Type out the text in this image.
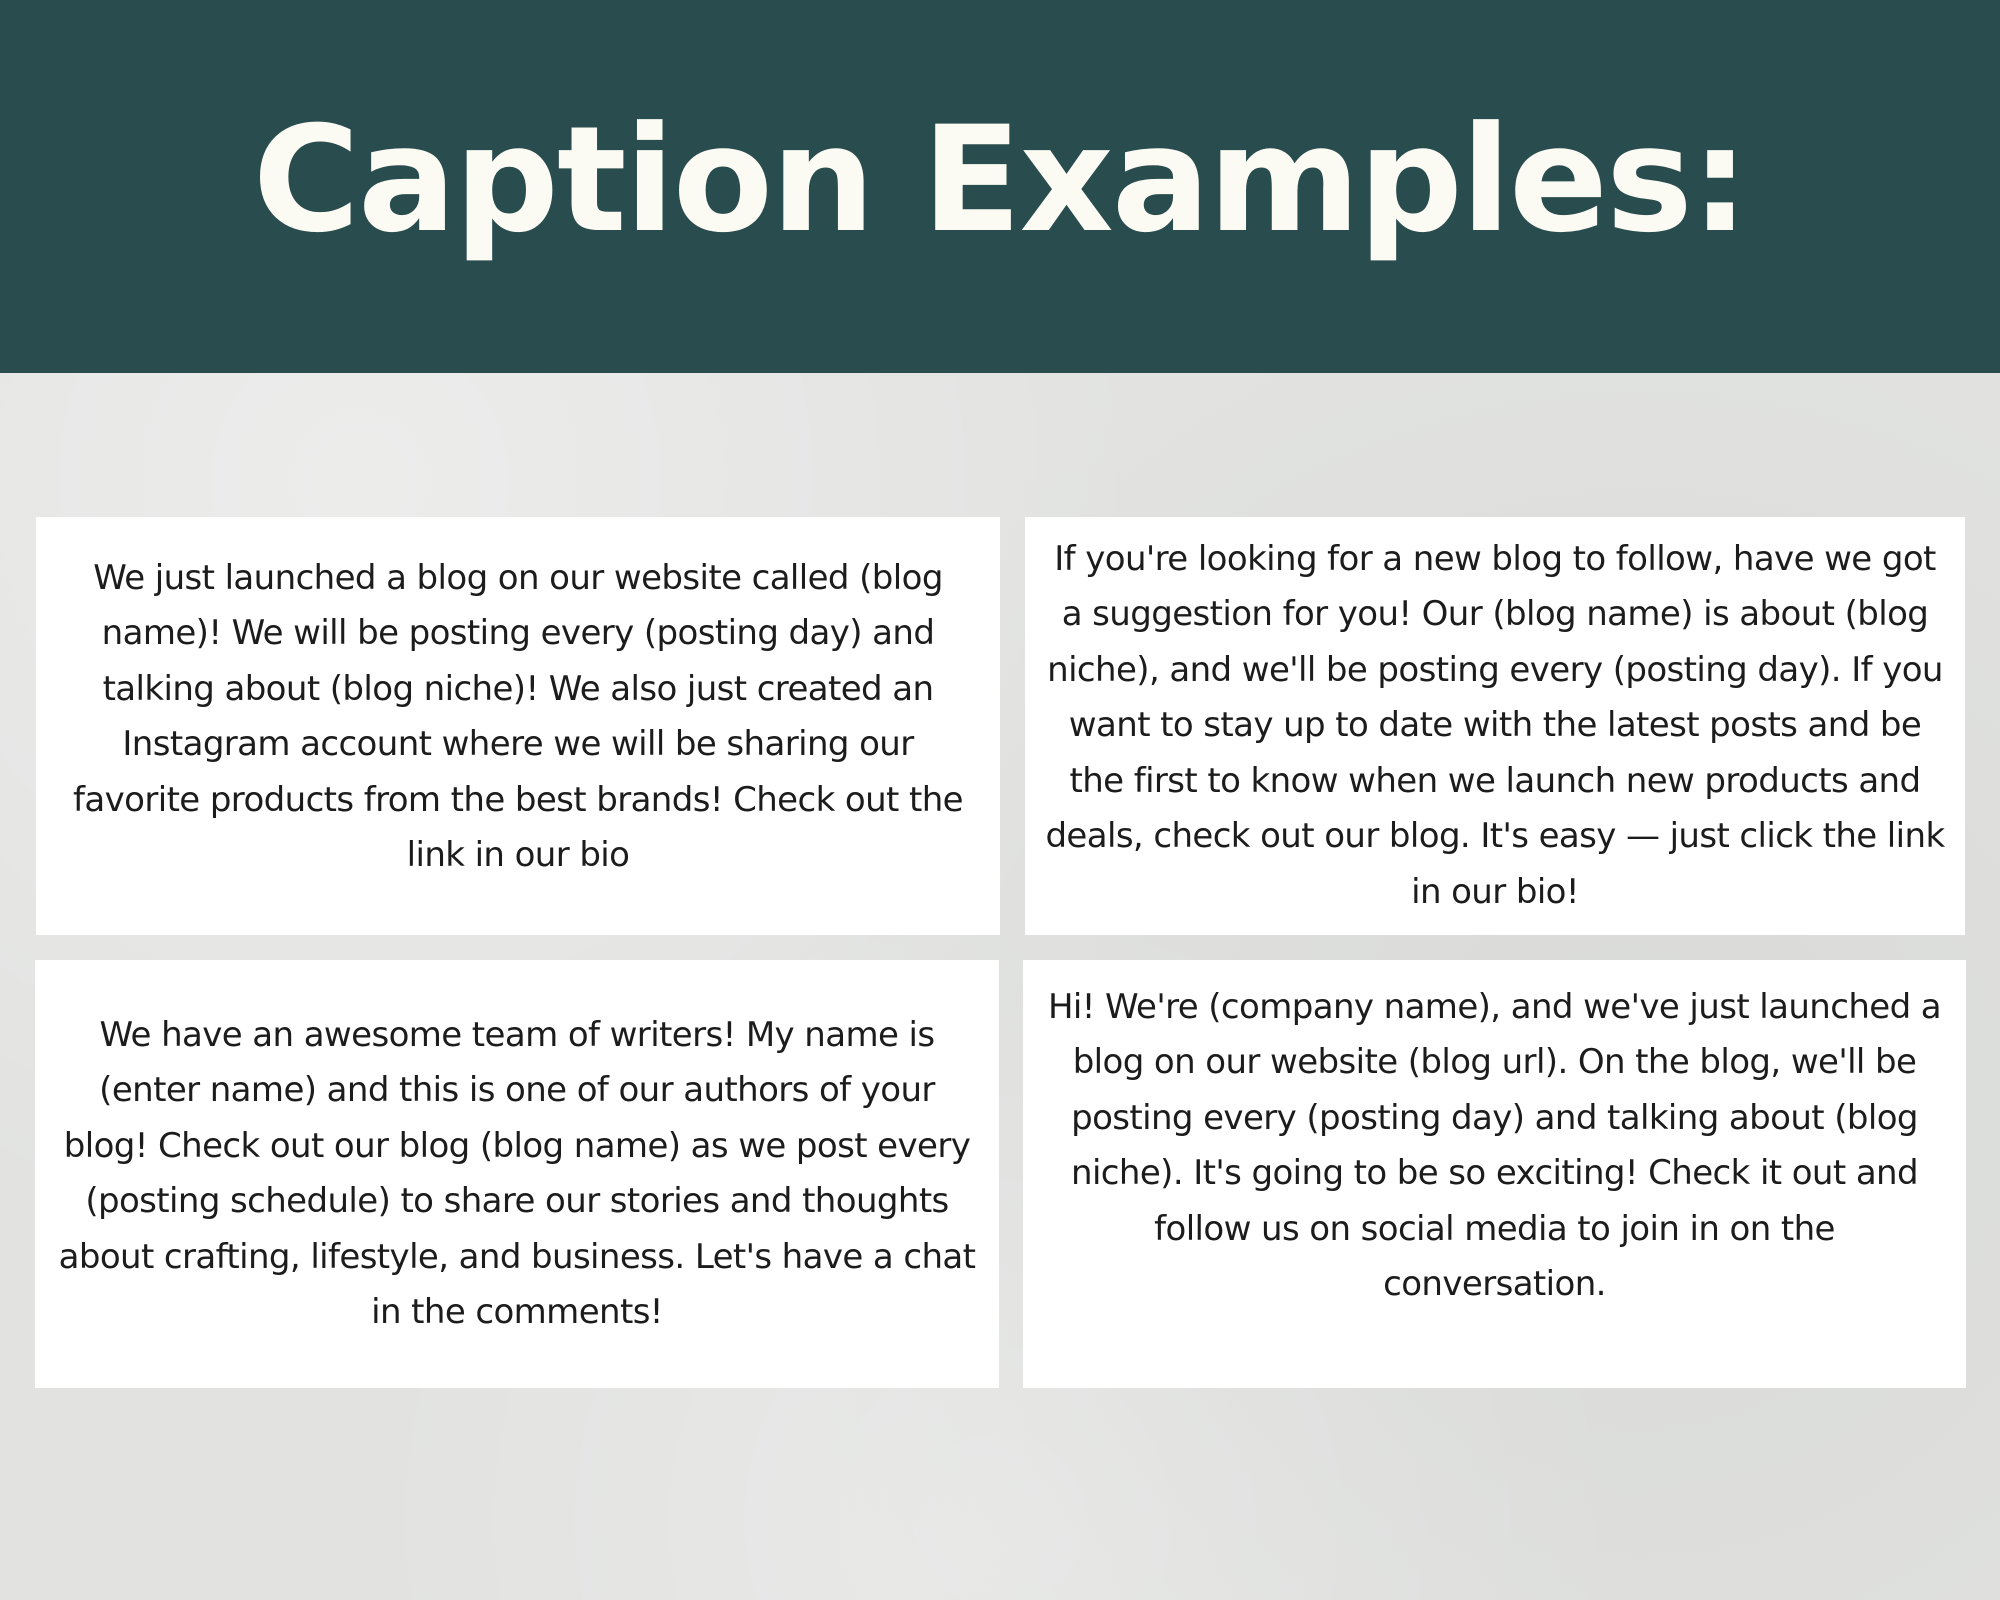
Caption Examples:

We just launched a blog on our website called (blog name)! We will be posting every (posting day) and talking about (blog niche)! We also just created an Instagram account where we will be sharing our favorite products from the best brands! Check out the link in our bio

If you're looking for a new blog to follow, have we got a suggestion for you! Our (blog name) is about (blog niche), and we'll be posting every (posting day). If you want to stay up to date with the latest posts and be the first to know when we launch new products and deals, check out our blog. It's easy — just click the link in our bio!

We have an awesome team of writers! My name is (enter name) and this is one of our authors of your blog! Check out our blog (blog name) as we post every (posting schedule) to share our stories and thoughts about crafting, lifestyle, and business. Let's have a chat in the comments!

Hi! We're (company name), and we've just launched a blog on our website (blog url). On the blog, we'll be posting every (posting day) and talking about (blog niche). It's going to be so exciting! Check it out and follow us on social media to join in on the conversation.
